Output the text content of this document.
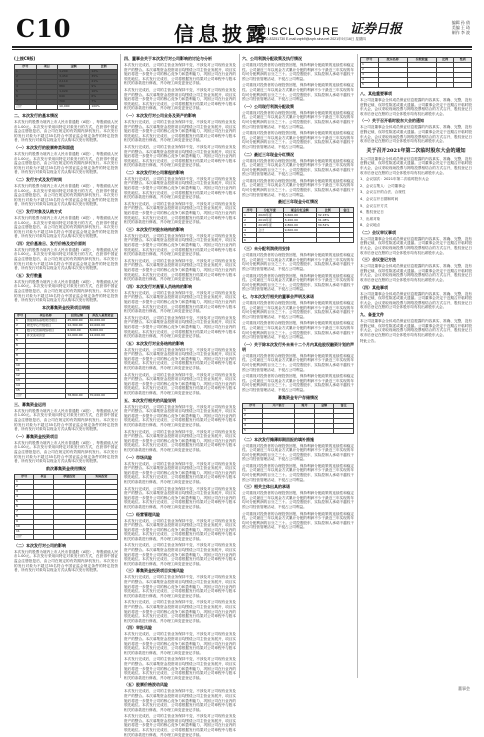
C10	信息披露
DISCLOSURE 证券日报	编辑 孙 倩
美编 王 琦
制作 李 波
电话：010-83251730 E-mail:zqrb9@zqrb.sina.net 2021年9月16日 星期四
(上接C9版)
序号	项目	金额	比例
1		1,200	12%
2		3,450	35%
3		2,110	21%
4		880	9%
5		1,020	10%
6		640	6%
7		700	7%
合计		10,000	100%
二、本次发行的基本情况

本次发行的股票为境内上市人民币普通股（A股），每股面值人民币1.00元。本次发行采用向特定对象发行的方式，在获得中国证监会注册批复后，由公司在规定的有效期内择机发行。本次发行的发行对象为不超过35名符合中国证监会规定条件的特定投资者，所有发行对象均以现金方式认购本次发行的股票。

（一）本次发行的股票种类和面值

本次发行的股票为境内上市人民币普通股（A股），每股面值人民币1.00元。本次发行采用向特定对象发行的方式，在获得中国证监会注册批复后，由公司在规定的有效期内择机发行。本次发行的发行对象为不超过35名符合中国证监会规定条件的特定投资者，所有发行对象均以现金方式认购本次发行的股票。

（二）发行方式及发行时间

本次发行的股票为境内上市人民币普通股（A股），每股面值人民币1.00元。本次发行采用向特定对象发行的方式，在获得中国证监会注册批复后，由公司在规定的有效期内择机发行。本次发行的发行对象为不超过35名符合中国证监会规定条件的特定投资者，所有发行对象均以现金方式认购本次发行的股票。

（三）发行对象及认购方式

本次发行的股票为境内上市人民币普通股（A股），每股面值人民币1.00元。本次发行采用向特定对象发行的方式，在获得中国证监会注册批复后，由公司在规定的有效期内择机发行。本次发行的发行对象为不超过35名符合中国证监会规定条件的特定投资者，所有发行对象均以现金方式认购本次发行的股票。

（四）定价基准日、发行价格及定价原则

本次发行的股票为境内上市人民币普通股（A股），每股面值人民币1.00元。本次发行采用向特定对象发行的方式，在获得中国证监会注册批复后，由公司在规定的有效期内择机发行。本次发行的发行对象为不超过35名符合中国证监会规定条件的特定投资者，所有发行对象均以现金方式认购本次发行的股票。

（五）发行数量

本次发行的股票为境内上市人民币普通股（A股），每股面值人民币1.00元。本次发行采用向特定对象发行的方式，在获得中国证监会注册批复后，由公司在规定的有效期内择机发行。本次发行的发行对象为不超过35名符合中国证监会规定条件的特定投资者，所有发行对象均以现金方式认购本次发行的股票。

本次募集资金投资项目明细
序号	项目名称	投资总额	拟投入募集资金
1	智能制造基地建设项目	45,600.00	40,000.00
2	研发中心升级项目	12,300.00	10,000.00
3	数字化营销网络项目	8,900.00	8,000.00
4	补充流动资金	12,000.00	12,000.00
5			
6			
7			
8			
9			
10			
11			
12			
13			
14			
15			
合计		78,800.00	70,000.00
三、募集资金运用

本次发行的股票为境内上市人民币普通股（A股），每股面值人民币1.00元。本次发行采用向特定对象发行的方式，在获得中国证监会注册批复后，由公司在规定的有效期内择机发行。本次发行的发行对象为不超过35名符合中国证监会规定条件的特定投资者，所有发行对象均以现金方式认购本次发行的股票。

（一）募集资金投资项目

本次发行的股票为境内上市人民币普通股（A股），每股面值人民币1.00元。本次发行采用向特定对象发行的方式，在获得中国证监会注册批复后，由公司在规定的有效期内择机发行。本次发行的发行对象为不超过35名符合中国证监会规定条件的特定投资者，所有发行对象均以现金方式认购本次发行的股票。

前次募集资金使用情况
序号	项目	承诺投资	实际投资
1			
2			
3			
4			
5			
6			
7			
8			
9			
10			
11			
合计			
（二）本次发行对公司的影响

本次发行的股票为境内上市人民币普通股（A股），每股面值人民币1.00元。本次发行采用向特定对象发行的方式，在获得中国证监会注册批复后，由公司在规定的有效期内择机发行。本次发行的发行对象为不超过35名符合中国证监会规定条件的特定投资者，所有发行对象均以现金方式认购本次发行的股票。

四、董事会关于本次发行对公司影响的讨论与分析

本次发行完成后，公司的主营业务保持不变，不涉及对公司现有业务及资产的整合。本次募集资金投资项目均围绕公司主营业务展开，项目实施后将进一步提升公司的核心竞争力和盈利能力，巩固公司在行业内的领先地位。本次发行完成后，公司将根据发行结果对公司章程中与股本相关的条款进行修改，并办理工商变更登记手续。

本次发行完成后，公司的主营业务保持不变，不涉及对公司现有业务及资产的整合。本次募集资金投资项目均围绕公司主营业务展开，项目实施后将进一步提升公司的核心竞争力和盈利能力，巩固公司在行业内的领先地位。本次发行完成后，公司将根据发行结果对公司章程中与股本相关的条款进行修改，并办理工商变更登记手续。

（一）本次发行对公司业务及资产的影响

本次发行完成后，公司的主营业务保持不变，不涉及对公司现有业务及资产的整合。本次募集资金投资项目均围绕公司主营业务展开，项目实施后将进一步提升公司的核心竞争力和盈利能力，巩固公司在行业内的领先地位。本次发行完成后，公司将根据发行结果对公司章程中与股本相关的条款进行修改，并办理工商变更登记手续。

本次发行完成后，公司的主营业务保持不变，不涉及对公司现有业务及资产的整合。本次募集资金投资项目均围绕公司主营业务展开，项目实施后将进一步提升公司的核心竞争力和盈利能力，巩固公司在行业内的领先地位。本次发行完成后，公司将根据发行结果对公司章程中与股本相关的条款进行修改，并办理工商变更登记手续。

（二）本次发行对公司章程的影响

本次发行完成后，公司的主营业务保持不变，不涉及对公司现有业务及资产的整合。本次募集资金投资项目均围绕公司主营业务展开，项目实施后将进一步提升公司的核心竞争力和盈利能力，巩固公司在行业内的领先地位。本次发行完成后，公司将根据发行结果对公司章程中与股本相关的条款进行修改，并办理工商变更登记手续。

本次发行完成后，公司的主营业务保持不变，不涉及对公司现有业务及资产的整合。本次募集资金投资项目均围绕公司主营业务展开，项目实施后将进一步提升公司的核心竞争力和盈利能力，巩固公司在行业内的领先地位。本次发行完成后，公司将根据发行结果对公司章程中与股本相关的条款进行修改，并办理工商变更登记手续。

（三）本次发行对股东结构的影响

本次发行完成后，公司的主营业务保持不变，不涉及对公司现有业务及资产的整合。本次募集资金投资项目均围绕公司主营业务展开，项目实施后将进一步提升公司的核心竞争力和盈利能力，巩固公司在行业内的领先地位。本次发行完成后，公司将根据发行结果对公司章程中与股本相关的条款进行修改，并办理工商变更登记手续。

本次发行完成后，公司的主营业务保持不变，不涉及对公司现有业务及资产的整合。本次募集资金投资项目均围绕公司主营业务展开，项目实施后将进一步提升公司的核心竞争力和盈利能力，巩固公司在行业内的领先地位。本次发行完成后，公司将根据发行结果对公司章程中与股本相关的条款进行修改，并办理工商变更登记手续。

（四）本次发行对高管人员结构的影响

本次发行完成后，公司的主营业务保持不变，不涉及对公司现有业务及资产的整合。本次募集资金投资项目均围绕公司主营业务展开，项目实施后将进一步提升公司的核心竞争力和盈利能力，巩固公司在行业内的领先地位。本次发行完成后，公司将根据发行结果对公司章程中与股本相关的条款进行修改，并办理工商变更登记手续。

本次发行完成后，公司的主营业务保持不变，不涉及对公司现有业务及资产的整合。本次募集资金投资项目均围绕公司主营业务展开，项目实施后将进一步提升公司的核心竞争力和盈利能力，巩固公司在行业内的领先地位。本次发行完成后，公司将根据发行结果对公司章程中与股本相关的条款进行修改，并办理工商变更登记手续。

（五）本次发行对业务结构的影响

本次发行完成后，公司的主营业务保持不变，不涉及对公司现有业务及资产的整合。本次募集资金投资项目均围绕公司主营业务展开，项目实施后将进一步提升公司的核心竞争力和盈利能力，巩固公司在行业内的领先地位。本次发行完成后，公司将根据发行结果对公司章程中与股本相关的条款进行修改，并办理工商变更登记手续。

本次发行完成后，公司的主营业务保持不变，不涉及对公司现有业务及资产的整合。本次募集资金投资项目均围绕公司主营业务展开，项目实施后将进一步提升公司的核心竞争力和盈利能力，巩固公司在行业内的领先地位。本次发行完成后，公司将根据发行结果对公司章程中与股本相关的条款进行修改，并办理工商变更登记手续。

五、本次发行相关的风险说明

本次发行完成后，公司的主营业务保持不变，不涉及对公司现有业务及资产的整合。本次募集资金投资项目均围绕公司主营业务展开，项目实施后将进一步提升公司的核心竞争力和盈利能力，巩固公司在行业内的领先地位。本次发行完成后，公司将根据发行结果对公司章程中与股本相关的条款进行修改，并办理工商变更登记手续。

本次发行完成后，公司的主营业务保持不变，不涉及对公司现有业务及资产的整合。本次募集资金投资项目均围绕公司主营业务展开，项目实施后将进一步提升公司的核心竞争力和盈利能力，巩固公司在行业内的领先地位。本次发行完成后，公司将根据发行结果对公司章程中与股本相关的条款进行修改，并办理工商变更登记手续。

（一）市场风险

本次发行完成后，公司的主营业务保持不变，不涉及对公司现有业务及资产的整合。本次募集资金投资项目均围绕公司主营业务展开，项目实施后将进一步提升公司的核心竞争力和盈利能力，巩固公司在行业内的领先地位。本次发行完成后，公司将根据发行结果对公司章程中与股本相关的条款进行修改，并办理工商变更登记手续。

本次发行完成后，公司的主营业务保持不变，不涉及对公司现有业务及资产的整合。本次募集资金投资项目均围绕公司主营业务展开，项目实施后将进一步提升公司的核心竞争力和盈利能力，巩固公司在行业内的领先地位。本次发行完成后，公司将根据发行结果对公司章程中与股本相关的条款进行修改，并办理工商变更登记手续。

（二）经营管理风险

本次发行完成后，公司的主营业务保持不变，不涉及对公司现有业务及资产的整合。本次募集资金投资项目均围绕公司主营业务展开，项目实施后将进一步提升公司的核心竞争力和盈利能力，巩固公司在行业内的领先地位。本次发行完成后，公司将根据发行结果对公司章程中与股本相关的条款进行修改，并办理工商变更登记手续。

本次发行完成后，公司的主营业务保持不变，不涉及对公司现有业务及资产的整合。本次募集资金投资项目均围绕公司主营业务展开，项目实施后将进一步提升公司的核心竞争力和盈利能力，巩固公司在行业内的领先地位。本次发行完成后，公司将根据发行结果对公司章程中与股本相关的条款进行修改，并办理工商变更登记手续。

（三）募集资金投资项目实施风险

本次发行完成后，公司的主营业务保持不变，不涉及对公司现有业务及资产的整合。本次募集资金投资项目均围绕公司主营业务展开，项目实施后将进一步提升公司的核心竞争力和盈利能力，巩固公司在行业内的领先地位。本次发行完成后，公司将根据发行结果对公司章程中与股本相关的条款进行修改，并办理工商变更登记手续。

本次发行完成后，公司的主营业务保持不变，不涉及对公司现有业务及资产的整合。本次募集资金投资项目均围绕公司主营业务展开，项目实施后将进一步提升公司的核心竞争力和盈利能力，巩固公司在行业内的领先地位。本次发行完成后，公司将根据发行结果对公司章程中与股本相关的条款进行修改，并办理工商变更登记手续。

（四）审批风险

本次发行完成后，公司的主营业务保持不变，不涉及对公司现有业务及资产的整合。本次募集资金投资项目均围绕公司主营业务展开，项目实施后将进一步提升公司的核心竞争力和盈利能力，巩固公司在行业内的领先地位。本次发行完成后，公司将根据发行结果对公司章程中与股本相关的条款进行修改，并办理工商变更登记手续。

本次发行完成后，公司的主营业务保持不变，不涉及对公司现有业务及资产的整合。本次募集资金投资项目均围绕公司主营业务展开，项目实施后将进一步提升公司的核心竞争力和盈利能力，巩固公司在行业内的领先地位。本次发行完成后，公司将根据发行结果对公司章程中与股本相关的条款进行修改，并办理工商变更登记手续。

（五）股票价格波动风险

本次发行完成后，公司的主营业务保持不变，不涉及对公司现有业务及资产的整合。本次募集资金投资项目均围绕公司主营业务展开，项目实施后将进一步提升公司的核心竞争力和盈利能力，巩固公司在行业内的领先地位。本次发行完成后，公司将根据发行结果对公司章程中与股本相关的条款进行修改，并办理工商变更登记手续。

本次发行完成后，公司的主营业务保持不变，不涉及对公司现有业务及资产的整合。本次募集资金投资项目均围绕公司主营业务展开，项目实施后将进一步提升公司的核心竞争力和盈利能力，巩固公司在行业内的领先地位。本次发行完成后，公司将根据发行结果对公司章程中与股本相关的条款进行修改，并办理工商变更登记手续。

六、公司利润分配政策及执行情况

公司重视对投资者的合理投资回报，保持利润分配政策的连续性和稳定性。公司最近三年以现金方式累计分配的利润不少于最近三年实现的年均可分配利润的百分之三十。公司控股股东、实际控制人承诺不越权干预公司经营管理活动，不侵占公司利益。

公司重视对投资者的合理投资回报，保持利润分配政策的连续性和稳定性。公司最近三年以现金方式累计分配的利润不少于最近三年实现的年均可分配利润的百分之三十。公司控股股东、实际控制人承诺不越权干预公司经营管理活动，不侵占公司利益。

（一）公司现行利润分配政策

公司重视对投资者的合理投资回报，保持利润分配政策的连续性和稳定性。公司最近三年以现金方式累计分配的利润不少于最近三年实现的年均可分配利润的百分之三十。公司控股股东、实际控制人承诺不越权干预公司经营管理活动，不侵占公司利益。

公司重视对投资者的合理投资回报，保持利润分配政策的连续性和稳定性。公司最近三年以现金方式累计分配的利润不少于最近三年实现的年均可分配利润的百分之三十。公司控股股东、实际控制人承诺不越权干预公司经营管理活动，不侵占公司利益。

（二）最近三年现金分红情况

公司重视对投资者的合理投资回报，保持利润分配政策的连续性和稳定性。公司最近三年以现金方式累计分配的利润不少于最近三年实现的年均可分配利润的百分之三十。公司控股股东、实际控制人承诺不越权干预公司经营管理活动，不侵占公司利益。

公司重视对投资者的合理投资回报，保持利润分配政策的连续性和稳定性。公司最近三年以现金方式累计分配的利润不少于最近三年实现的年均可分配利润的百分之三十。公司控股股东、实际控制人承诺不越权干预公司经营管理活动，不侵占公司利益。

最近三年现金分红情况
序号	分红年度	现金分红金额	比例	备注
1	2020年度	3,600.00	32.15%	
2	2019年度	3,200.00	31.08%	
3	2018年度	2,800.00	30.52%	
4	合计	9,600.00		
5				
6				
（三）未分配利润使用安排

公司重视对投资者的合理投资回报，保持利润分配政策的连续性和稳定性。公司最近三年以现金方式累计分配的利润不少于最近三年实现的年均可分配利润的百分之三十。公司控股股东、实际控制人承诺不越权干预公司经营管理活动，不侵占公司利益。

公司重视对投资者的合理投资回报，保持利润分配政策的连续性和稳定性。公司最近三年以现金方式累计分配的利润不少于最近三年实现的年均可分配利润的百分之三十。公司控股股东、实际控制人承诺不越权干预公司经营管理活动，不侵占公司利益。

七、与本次发行相关的董事会声明及承诺

公司重视对投资者的合理投资回报，保持利润分配政策的连续性和稳定性。公司最近三年以现金方式累计分配的利润不少于最近三年实现的年均可分配利润的百分之三十。公司控股股东、实际控制人承诺不越权干预公司经营管理活动，不侵占公司利益。

公司重视对投资者的合理投资回报，保持利润分配政策的连续性和稳定性。公司最近三年以现金方式累计分配的利润不少于最近三年实现的年均可分配利润的百分之三十。公司控股股东、实际控制人承诺不越权干预公司经营管理活动，不侵占公司利益。

（一）关于除本次发行外未来十二个月内其他股权融资计划的声明

公司重视对投资者的合理投资回报，保持利润分配政策的连续性和稳定性。公司最近三年以现金方式累计分配的利润不少于最近三年实现的年均可分配利润的百分之三十。公司控股股东、实际控制人承诺不越权干预公司经营管理活动，不侵占公司利益。

公司重视对投资者的合理投资回报，保持利润分配政策的连续性和稳定性。公司最近三年以现金方式累计分配的利润不少于最近三年实现的年均可分配利润的百分之三十。公司控股股东、实际控制人承诺不越权干预公司经营管理活动，不侵占公司利益。

募集资金专户存储情况
序号	开户银行	账号	金额	备注
1				
2				
3				
4				
5				
（二）本次发行摊薄即期回报的填补措施

公司重视对投资者的合理投资回报，保持利润分配政策的连续性和稳定性。公司最近三年以现金方式累计分配的利润不少于最近三年实现的年均可分配利润的百分之三十。公司控股股东、实际控制人承诺不越权干预公司经营管理活动，不侵占公司利益。

公司重视对投资者的合理投资回报，保持利润分配政策的连续性和稳定性。公司最近三年以现金方式累计分配的利润不少于最近三年实现的年均可分配利润的百分之三十。公司控股股东、实际控制人承诺不越权干预公司经营管理活动，不侵占公司利益。

（三）相关主体出具的承诺

公司重视对投资者的合理投资回报，保持利润分配政策的连续性和稳定性。公司最近三年以现金方式累计分配的利润不少于最近三年实现的年均可分配利润的百分之三十。公司控股股东、实际控制人承诺不越权干预公司经营管理活动，不侵占公司利益。

公司重视对投资者的合理投资回报，保持利润分配政策的连续性和稳定性。公司最近三年以现金方式累计分配的利润不少于最近三年实现的年均可分配利润的百分之三十。公司控股股东、实际控制人承诺不越权干预公司经营管理活动，不侵占公司利益。

序号	股东名称	持股数量	比例	性质
1				
2				
3				
4				
5				
八、其他重要事项

本公司及董事会全体成员保证信息披露的内容真实、准确、完整，没有虚假记载、误导性陈述或重大遗漏。公司董事会决定于近期召开临时股东大会，会议采取现场投票与网络投票相结合的方式召开，股权登记日收市后登记在册的公司全体股东均有权出席股东大会。

（一）关于召开临时股东大会的通知

本公司及董事会全体成员保证信息披露的内容真实、准确、完整，没有虚假记载、误导性陈述或重大遗漏。公司董事会决定于近期召开临时股东大会，会议采取现场投票与网络投票相结合的方式召开，股权登记日收市后登记在册的公司全体股东均有权出席股东大会。

关于召开2021年第二次临时股东大会的通知

本公司及董事会全体成员保证信息披露的内容真实、准确、完整，没有虚假记载、误导性陈述或重大遗漏。公司董事会决定于近期召开临时股东大会，会议采取现场投票与网络投票相结合的方式召开，股权登记日收市后登记在册的公司全体股东均有权出席股东大会。

1、会议届次：2021年第二次临时股东大会
2、会议召集人：公司董事会
3、会议召开的合法、合规性
4、会议召开日期和时间
5、会议召开方式
6、股权登记日
7、出席对象
8、会议地点
（二）会议审议事项

本公司及董事会全体成员保证信息披露的内容真实、准确、完整，没有虚假记载、误导性陈述或重大遗漏。公司董事会决定于近期召开临时股东大会，会议采取现场投票与网络投票相结合的方式召开，股权登记日收市后登记在册的公司全体股东均有权出席股东大会。

（三）会议登记方法

本公司及董事会全体成员保证信息披露的内容真实、准确、完整，没有虚假记载、误导性陈述或重大遗漏。公司董事会决定于近期召开临时股东大会，会议采取现场投票与网络投票相结合的方式召开，股权登记日收市后登记在册的公司全体股东均有权出席股东大会。

（四）其他事项

本公司及董事会全体成员保证信息披露的内容真实、准确、完整，没有虚假记载、误导性陈述或重大遗漏。公司董事会决定于近期召开临时股东大会，会议采取现场投票与网络投票相结合的方式召开，股权登记日收市后登记在册的公司全体股东均有权出席股东大会。

九、备查文件

本公司及董事会全体成员保证信息披露的内容真实、准确、完整，没有虚假记载、误导性陈述或重大遗漏。公司董事会决定于近期召开临时股东大会，会议采取现场投票与网络投票相结合的方式召开，股权登记日收市后登记在册的公司全体股东均有权出席股东大会。

特此公告。
董事会
